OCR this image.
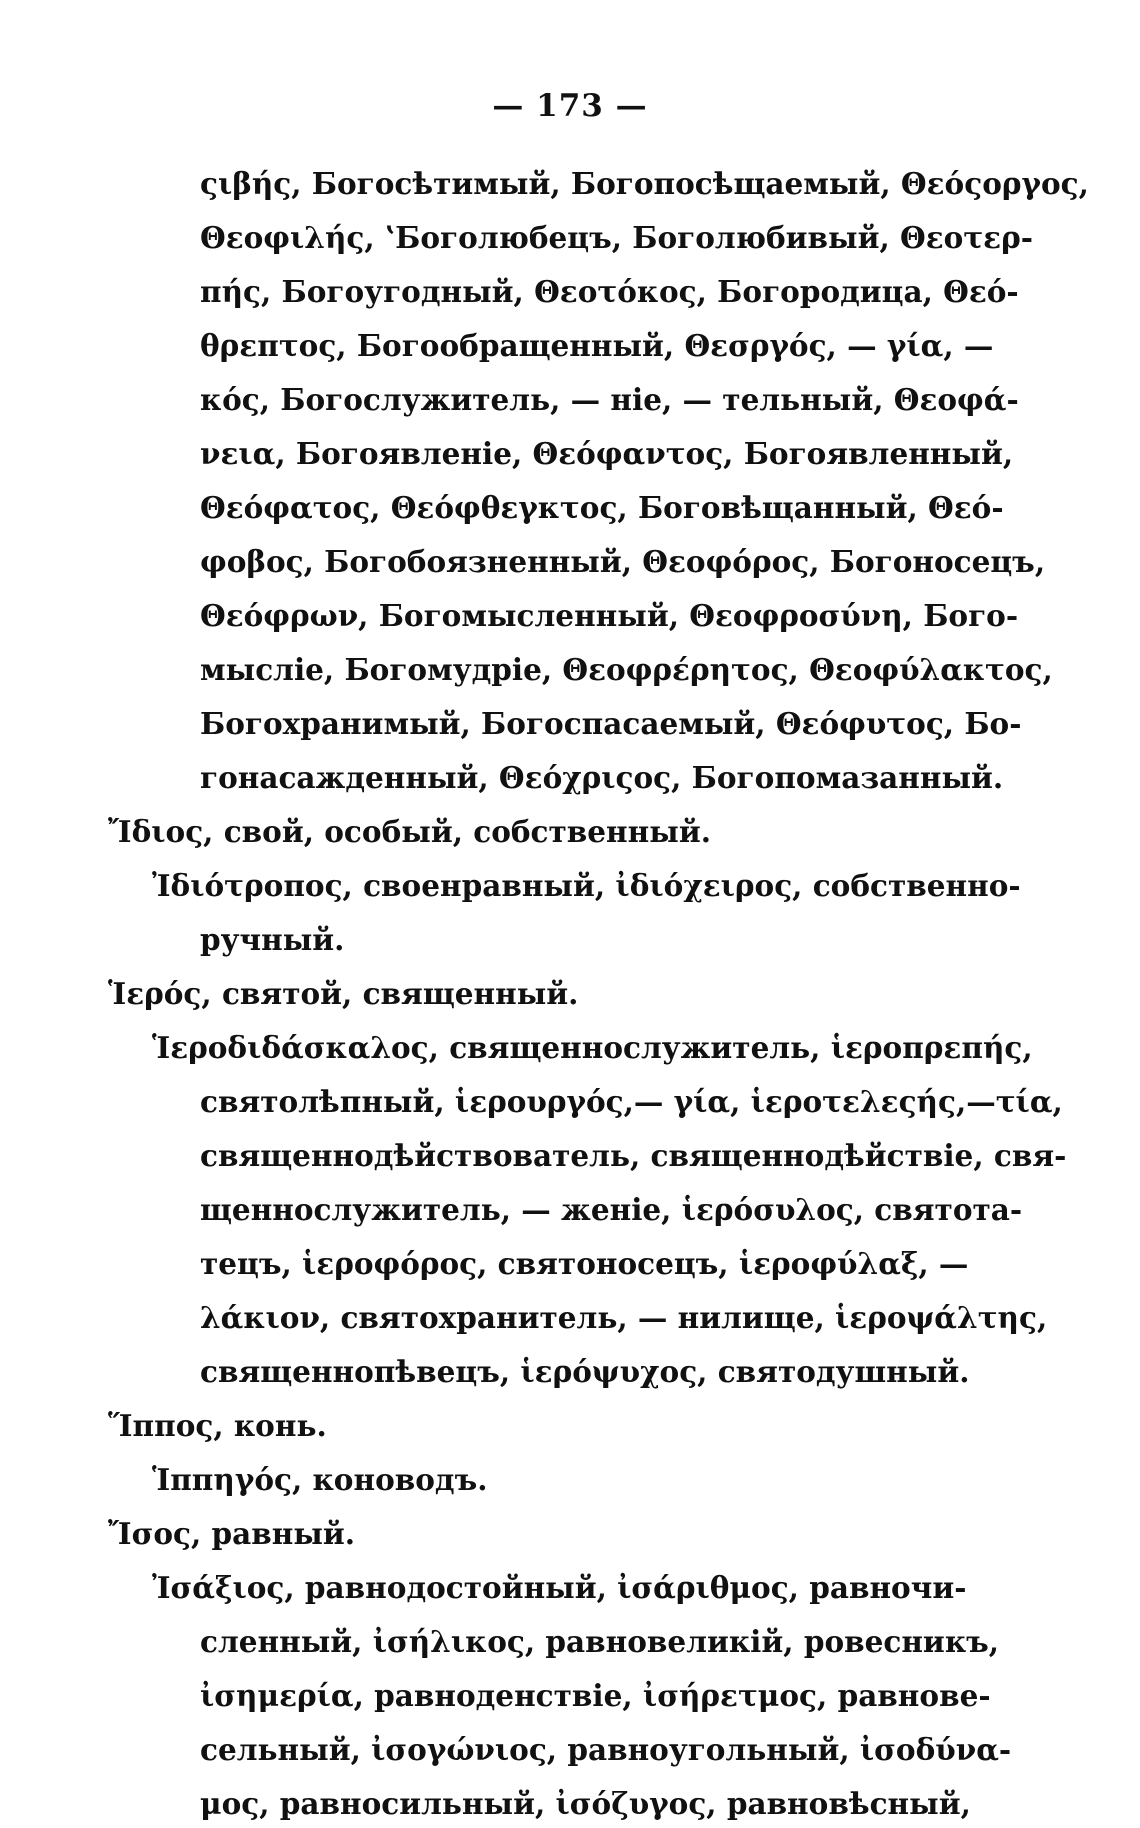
— 173 —
ςιβής, Богосѣтимый, Богопосѣщаемый, Θεόςοργος,
Θεοφιλής, ʽБоголюбецъ, Боголюбивый, Θεοτερ-
πής, Богоугодный, Θεοτόκος, Богородица, Θεό-
θρεπτος, Богообращенный, Θεσργός, — γία, —
κός, Богослужитель, — ніе, — тельный, Θεοφά-
νεια, Богоявленіе, Θεόφαντος, Богоявленный,
Θεόφατος, Θεόφθεγκτος, Боговѣщанный, Θεό-
φοβος, Богобоязненный, Θεοφόρος, Богоносецъ,
Θεόφρων, Богомысленный, Θεοφροσύνη, Бого-
мысліе, Богомудріе, Θεοφρέρητος, Θεοφύλακτος,
Богохранимый, Богоспасаемый, Θεόφυτος, Бо-
гонасажденный, Θεόχριςος, Богопомазанный.
Ἴδιος, свой, особый, собственный.
Ἰδιότροπος, своенравный, ἰδιόχειρος, собственно-
ручный.
Ἱερός, святой, священный.
Ἱεροδιδάσκαλος, священнослужитель, ἱεροπρεπής,
святолѣпный, ἱερουργός,— γία, ἱεροτελεςής,—τία,
священнодѣйствователь, священнодѣйствіе, свя-
щеннослужитель, — женіе, ἱερόσυλος, святота-
тецъ, ἱεροφόρος, святоносецъ, ἱεροφύλαξ, —
λάκιον, святохранитель, — нилище, ἱεροψάλτης,
священнопѣвецъ, ἱερόψυχος, святодушный.
Ἵππος, конь.
Ἱππηγός, коноводъ.
Ἴσος, равный.
Ἰσάξιος, равнодостойный, ἰσάριθμος, равночи-
сленный, ἰσήλικος, равновеликій, ровесникъ,
ἰσημερία, равноденствіе, ἰσήρετμος, равнове-
сельный, ἰσογώνιος, равноугольный, ἰσοδύνα-
μος, равносильный, ἰσόζυγος, равновѣсный,
